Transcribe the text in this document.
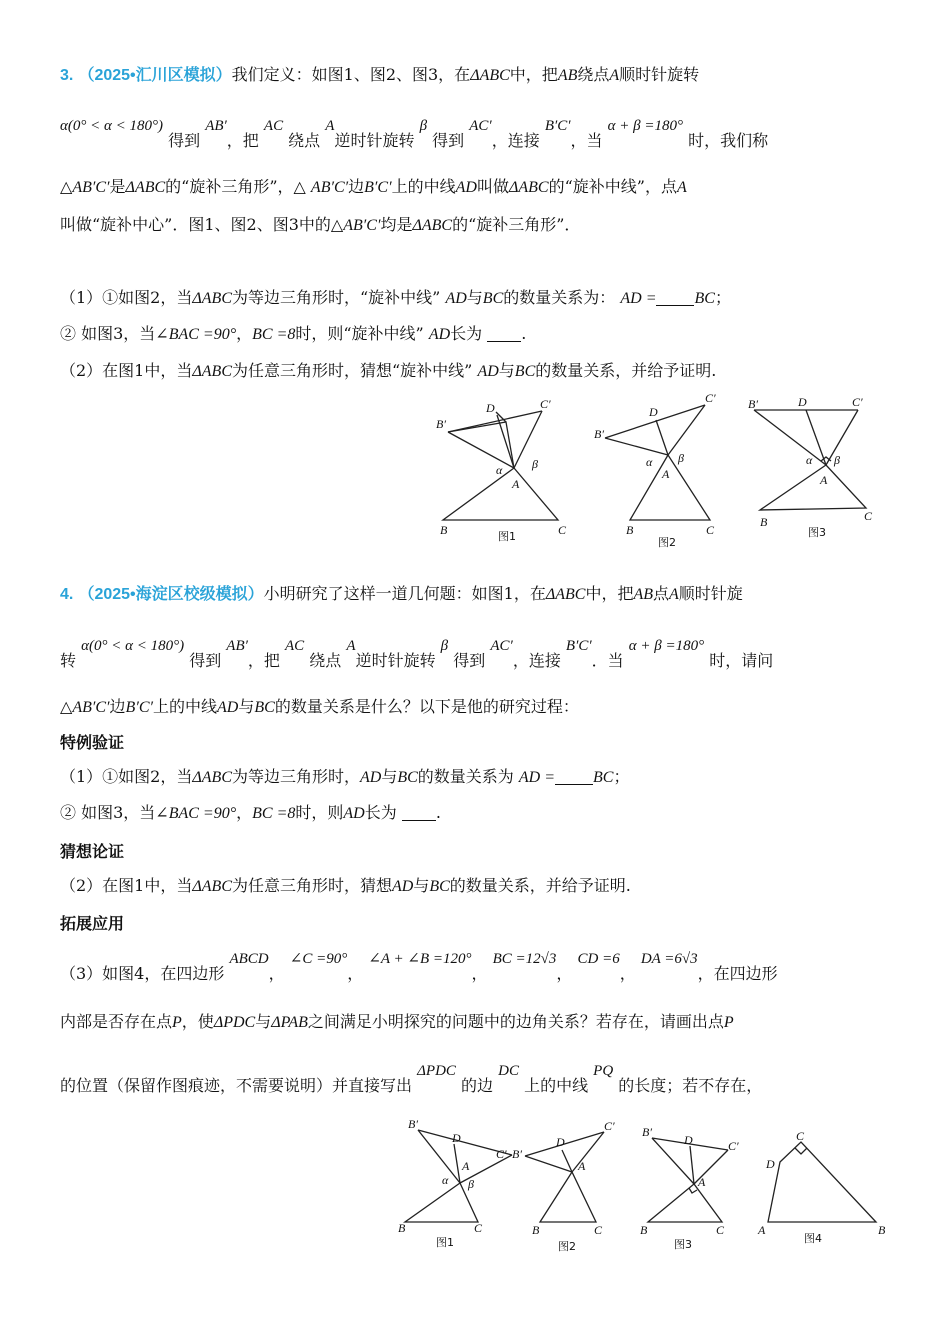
3. （2025•汇川区模拟）我们定义：如图1、图2、图3，在ΔABC中，把AB绕点A顺时针旋转
α(0° < α < 180°) 得到 AB′，把 AC 绕点 A逆时针旋转 β 得到 AC′，连接 B′C′，当 α + β =180° 时，我们称
△AB′C′是ΔABC的“旋补三角形”，△ AB′C′边B′C′上的中线AD叫做ΔABC的“旋补中线”，点A
叫做“旋补中心”．图1、图2、图3中的△AB′C′均是ΔABC的“旋补三角形”．
（1）①如图2，当ΔABC为等边三角形时，“旋补中线” AD与BC的数量关系为： AD = BC；
② 如图3，当∠BAC =90°，BC =8时，则“旋补中线” AD长为 .
（2）在图1中，当ΔABC为任意三角形时，猜想“旋补中线” AD与BC的数量关系，并给予证明.
B′
D	C′
α β
A
B	C
图1
B′
D
C′
α β
A
B	C
图2
B′	D	C′
α β
A
B	C
图3
4. （2025•海淀区校级模拟）小明研究了这样一道几何题：如图1，在ΔABC中，把AB点A顺时针旋
转 α(0° < α < 180°) 得到 AB′，把 AC 绕点 A逆时针旋转 β 得到 AC′，连接 B′C′．当 α + β =180° 时，请问
△AB′C′边B′C′上的中线AD与BC的数量关系是什么？以下是他的研究过程：
特例验证
（1）①如图2，当ΔABC为等边三角形时，AD与BC的数量关系为 AD = BC；
② 如图3，当∠BAC =90°，BC =8时，则AD长为 .
猜想论证
（2）在图1中，当ΔABC为任意三角形时，猜想AD与BC的数量关系，并给予证明.
拓展应用
（3）如图4，在四边形 ABCD， ∠C =90°， ∠A + ∠B =120°， BC =12√3， CD =6， DA =6√3，在四边形
内部是否存在点P，使ΔPDC与ΔPAB之间满足小明探究的问题中的边角关系？若存在，请画出点P
的位置（保留作图痕迹，不需要说明）并直接写出 ΔPDC 的边 DC 上的中线 PQ 的长度；若不存在，
B′
D
C′
α β
A
B	C
图1
B′
D
C′
A
B	C
图2
B′
D	C′
A
B	C
图3
C
D
A	B
图4
